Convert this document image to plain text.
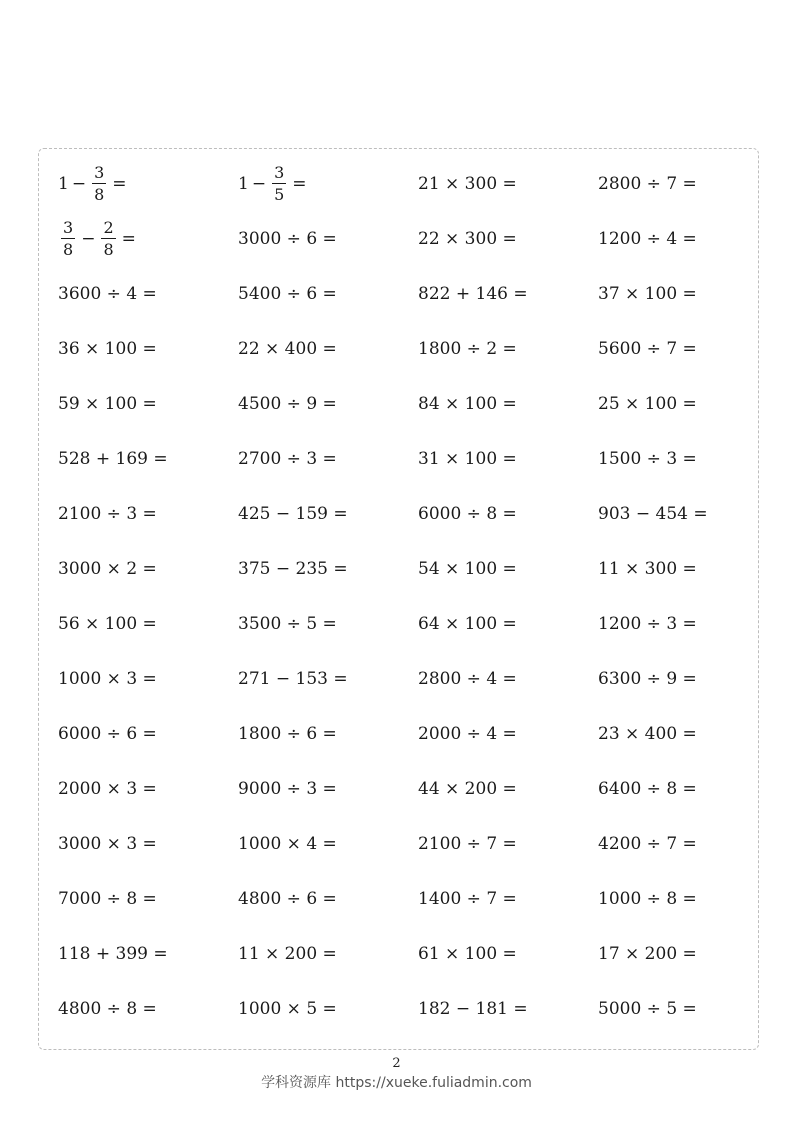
$1 - \frac{3}{8}$ =	$1 - \frac{3}{5}$ =	21 × 300 =	2800 ÷ 7 =
$\frac{3}{8} - \frac{2}{8}$ =	3000 ÷ 6 =	22 × 300 =	1200 ÷ 4 =
3600 ÷ 4 =	5400 ÷ 6 =	822 + 146 =	37 × 100 =
36 × 100 =	22 × 400 =	1800 ÷ 2 =	5600 ÷ 7 =
59 × 100 =	4500 ÷ 9 =	84 × 100 =	25 × 100 =
528 + 169 =	2700 ÷ 3 =	31 × 100 =	1500 ÷ 3 =
2100 ÷ 3 =	425 − 159 =	6000 ÷ 8 =	903 − 454 =
3000 × 2 =	375 − 235 =	54 × 100 =	11 × 300 =
56 × 100 =	3500 ÷ 5 =	64 × 100 =	1200 ÷ 3 =
1000 × 3 =	271 − 153 =	2800 ÷ 4 =	6300 ÷ 9 =
6000 ÷ 6 =	1800 ÷ 6 =	2000 ÷ 4 =	23 × 400 =
2000 × 3 =	9000 ÷ 3 =	44 × 200 =	6400 ÷ 8 =
3000 × 3 =	1000 × 4 =	2100 ÷ 7 =	4200 ÷ 7 =
7000 ÷ 8 =	4800 ÷ 6 =	1400 ÷ 7 =	1000 ÷ 8 =
118 + 399 =	11 × 200 =	61 × 100 =	17 × 200 =
4800 ÷ 8 =	1000 × 5 =	182 − 181 =	5000 ÷ 5 =
2
学科资源库 https://xueke.fuliadmin.com
